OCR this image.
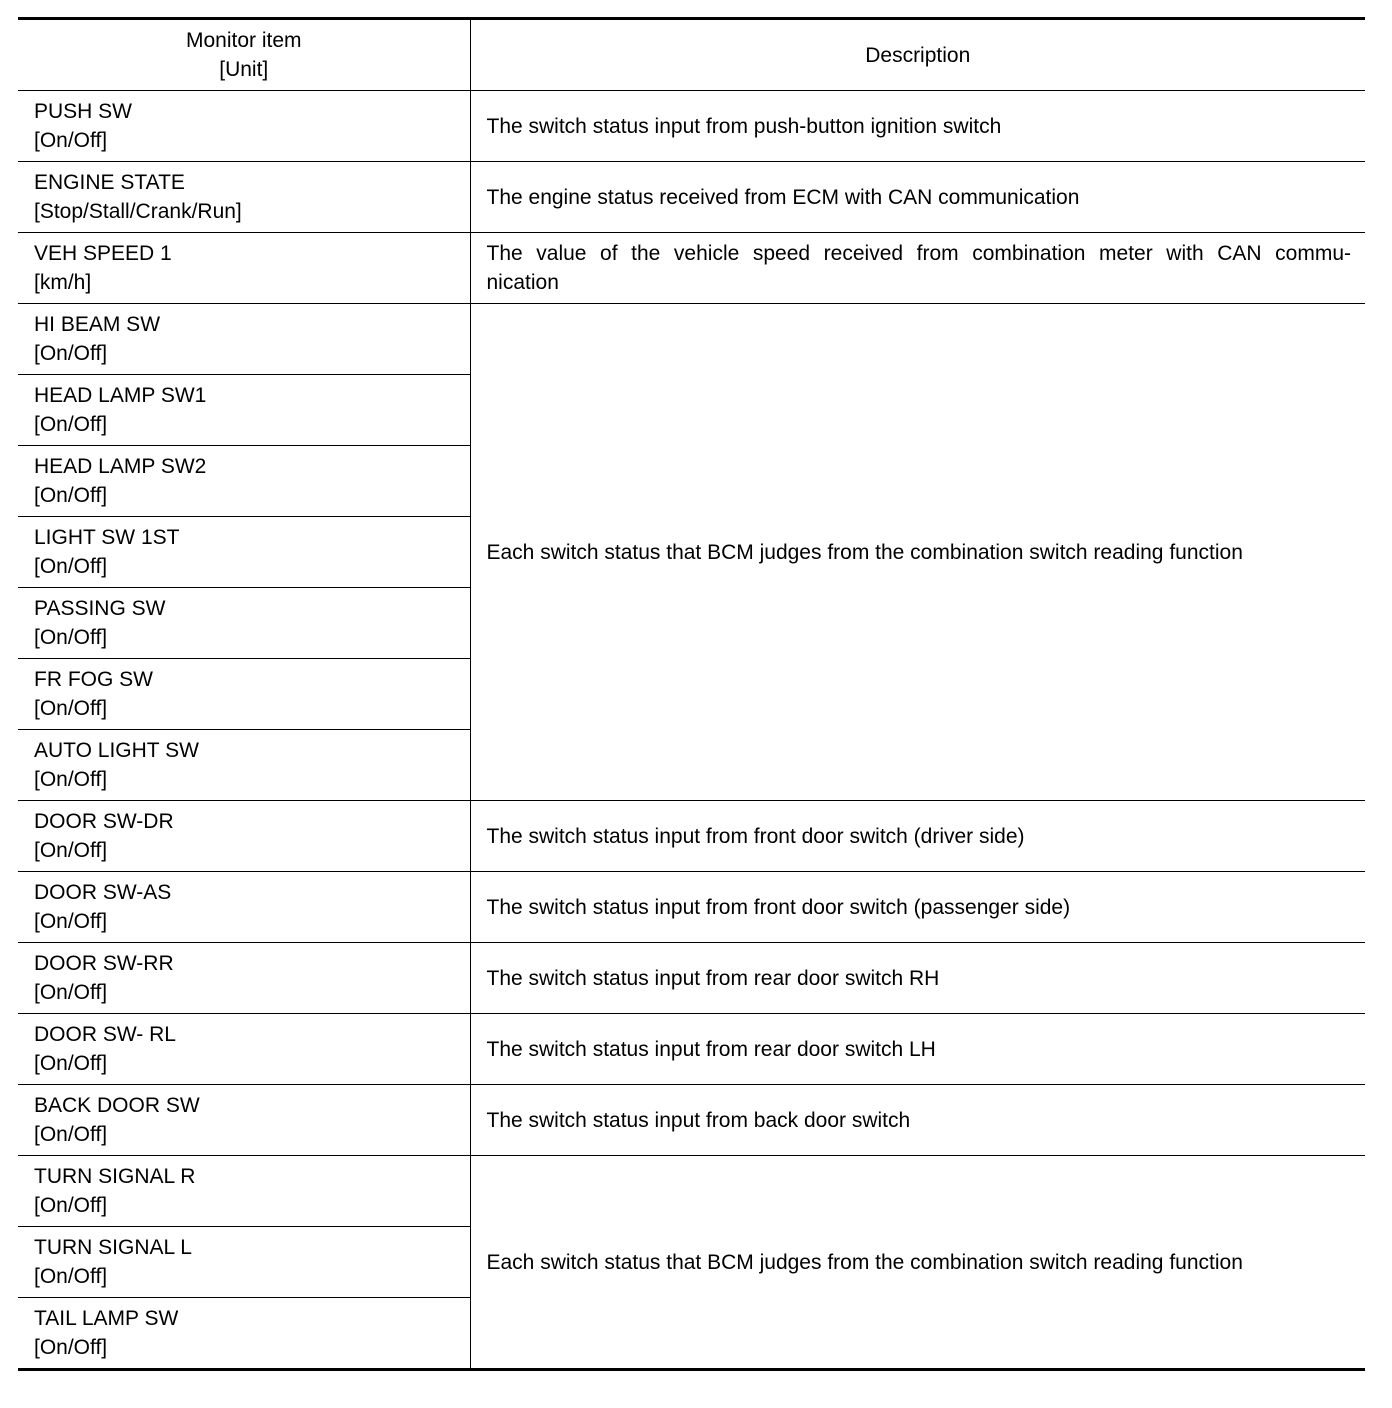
Monitor item
[Unit]	Description

PUSH SW
[On/Off]	The switch status input from push-button ignition switch

ENGINE STATE
[Stop/Stall/Crank/Run]	The engine status received from ECM with CAN communication

VEH SPEED 1
[km/h]	The value of the vehicle speed received from combination meter with CAN commu-
nication

HI BEAM SW
[On/Off]	Each switch status that BCM judges from the combination switch reading function

HEAD LAMP SW1
[On/Off]	

HEAD LAMP SW2
[On/Off]	

LIGHT SW 1ST
[On/Off]	

PASSING SW
[On/Off]	

FR FOG SW
[On/Off]	

AUTO LIGHT SW
[On/Off]	

DOOR SW-DR
[On/Off]	The switch status input from front door switch (driver side)

DOOR SW-AS
[On/Off]	The switch status input from front door switch (passenger side)

DOOR SW-RR
[On/Off]	The switch status input from rear door switch RH

DOOR SW- RL
[On/Off]	The switch status input from rear door switch LH

BACK DOOR SW
[On/Off]	The switch status input from back door switch

TURN SIGNAL R
[On/Off]	Each switch status that BCM judges from the combination switch reading function

TURN SIGNAL L
[On/Off]	

TAIL LAMP SW
[On/Off]	
